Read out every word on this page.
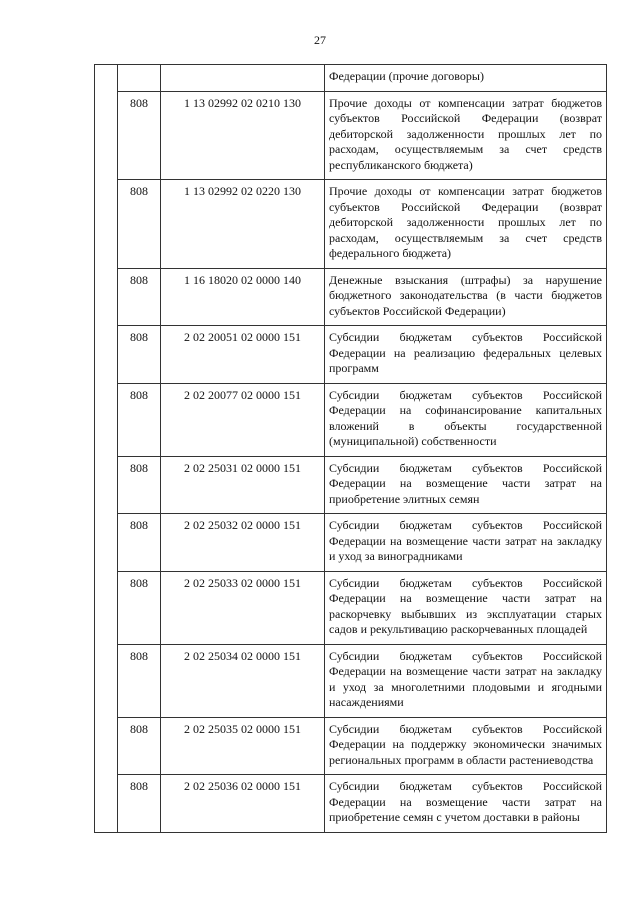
27
			Федерации (прочие договоры)
	808	1 13 02992 02 0210 130	Прочие доходы от компенсации затрат бюджетов субъектов Российской Федерации (возврат дебиторской задолженности прошлых лет по расходам, осуществляемым за счет средств республиканского бюджета)
	808	1 13 02992 02 0220 130	Прочие доходы от компенсации затрат бюджетов субъектов Российской Федерации (возврат дебиторской задолженности прошлых лет по расходам, осуществляемым за счет средств федерального бюджета)
	808	1 16 18020 02 0000 140	Денежные взыскания (штрафы) за нарушение бюджетного законодательства (в части бюджетов субъектов Российской Федерации)
	808	2 02 20051 02 0000 151	Субсидии бюджетам субъектов Российской Федерации на реализацию федеральных целевых программ
	808	2 02 20077 02 0000 151	Субсидии бюджетам субъектов Российской Федерации на софинансирование капитальных вложений в объекты государственной (муниципальной) собственности
	808	2 02 25031 02 0000 151	Субсидии бюджетам субъектов Российской Федерации на возмещение части затрат на приобретение элитных семян
	808	2 02 25032 02 0000 151	Субсидии бюджетам субъектов Российской Федерации на возмещение части затрат на закладку и уход за виноградниками
	808	2 02 25033 02 0000 151	Субсидии бюджетам субъектов Российской Федерации на возмещение части затрат на раскорчевку выбывших из эксплуатации старых садов и рекультивацию раскорчеванных площадей
	808	2 02 25034 02 0000 151	Субсидии бюджетам субъектов Российской Федерации на возмещение части затрат на закладку и уход за многолетними плодовыми и ягодными насаждениями
	808	2 02 25035 02 0000 151	Субсидии бюджетам субъектов Российской Федерации на поддержку экономически значимых региональных программ в области растениеводства
	808	2 02 25036 02 0000 151	Субсидии бюджетам субъектов Российской Федерации на возмещение части затрат на приобретение семян с учетом доставки в районы
